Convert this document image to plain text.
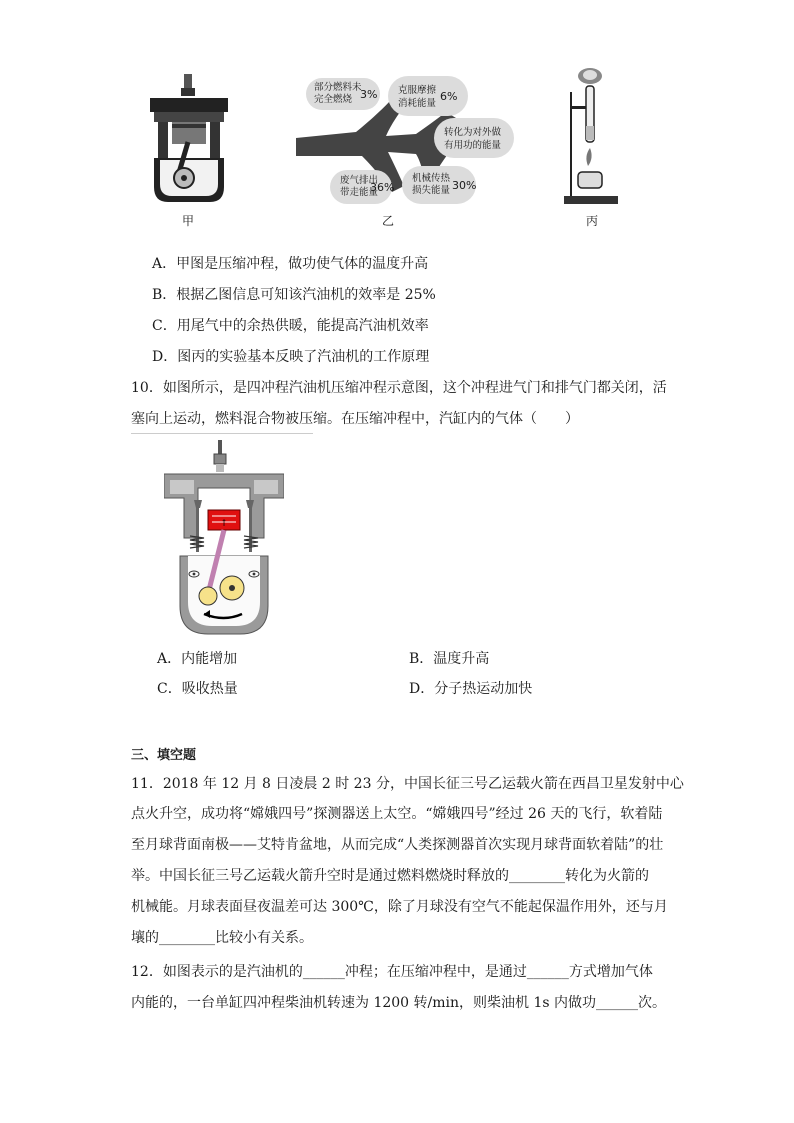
甲
部分燃料未
完全燃烧 3% 克服摩擦
消耗能量
6%
转化为对外做
有用功的能量
废气排出
带走能量
36%
机械传热
损失能量 30%
乙	丙
A．甲图是压缩冲程，做功使气体的温度升高
B．根据乙图信息可知该汽油机的效率是 25%
C．用尾气中的余热供暖，能提高汽油机效率
D．图丙的实验基本反映了汽油机的工作原理
10．如图所示，是四冲程汽油机压缩冲程示意图，这个冲程进气门和排气门都关闭，活
塞向上运动，燃料混合物被压缩。在压缩冲程中，汽缸内的气体（　　）
↑
A．内能增加	B．温度升高
C．吸收热量	D．分子热运动加快
三、填空题
11．2018 年 12 月 8 日凌晨 2 时 23 分，中国长征三号乙运载火箭在西昌卫星发射中心
点火升空，成功将“嫦娥四号”探测器送上太空。“嫦娥四号”经过 26 天的飞行，软着陆
至月球背面南极——艾特肯盆地，从而完成“人类探测器首次实现月球背面软着陆”的壮
举。中国长征三号乙运载火箭升空时是通过燃料燃烧时释放的________转化为火箭的
机械能。月球表面昼夜温差可达 300℃，除了月球没有空气不能起保温作用外，还与月
壤的________比较小有关系。
12．如图表示的是汽油机的______冲程；在压缩冲程中，是通过______方式增加气体
内能的，一台单缸四冲程柴油机转速为 1200 转/min，则柴油机 1s 内做功______次。
